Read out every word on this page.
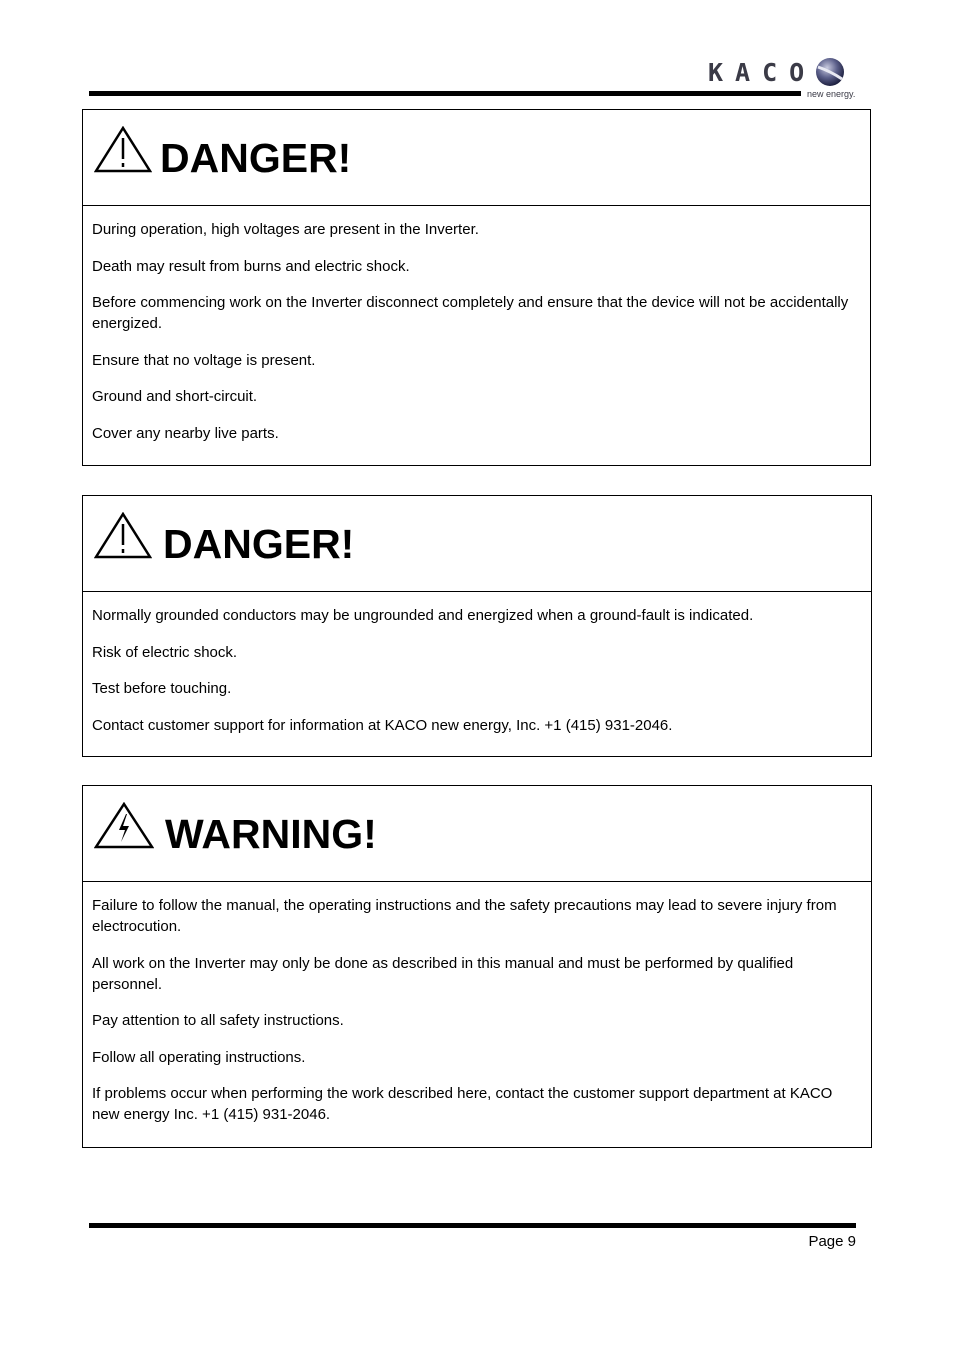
KACO
new energy.
DANGER!

During operation, high voltages are present in the Inverter.

Death may result from burns and electric shock.

Before commencing work on the Inverter disconnect completely and ensure that the device will not be accidentally energized.

Ensure that no voltage is present.

Ground and short-circuit.

Cover any nearby live parts.

DANGER!

Normally grounded conductors may be ungrounded and energized when a ground-fault is indicated.

Risk of electric shock.

Test before touching.

Contact customer support for information at KACO new energy, Inc. +1 (415) 931-2046.

WARNING!

Failure to follow the manual, the operating instructions and the safety precautions may lead to severe injury from electrocution.

All work on the Inverter may only be done as described in this manual and must be performed by qualified personnel.

Pay attention to all safety instructions.

Follow all operating instructions.

If problems occur when performing the work described here, contact the customer support department at KACO new energy Inc. +1 (415) 931-2046.

Page 9
